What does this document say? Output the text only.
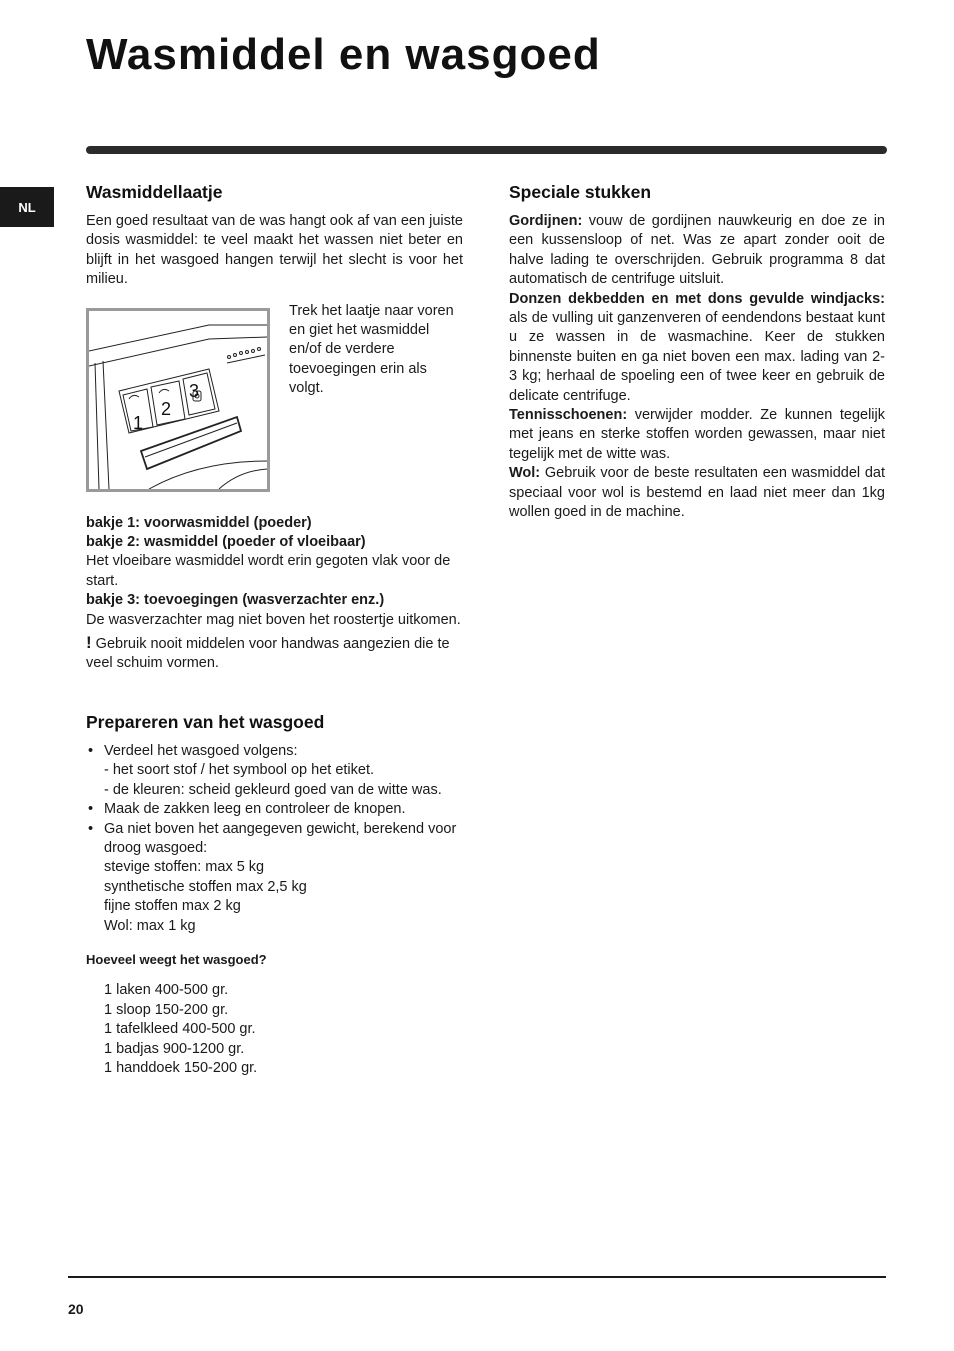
Wasmiddel en wasgoed
NL
Wasmiddellaatje

Een goed resultaat van de was hangt ook af van een juiste dosis wasmiddel: te veel maakt het wassen niet beter en blijft in het wasgoed hangen terwijl het slecht is voor het milieu.

1
2
3

Trek het laatje naar voren en giet het wasmiddel en/of de verdere toevoegingen erin als volgt.

bakje 1: voorwasmiddel (poeder)

bakje 2: wasmiddel (poeder of vloeibaar)

Het vloeibare wasmiddel wordt erin gegoten vlak voor de start.

bakje 3: toevoegingen (wasverzachter enz.)

De wasverzachter mag niet boven het roostertje uitkomen.

! Gebruik nooit middelen voor handwas aangezien die te veel schuim vormen.

Prepareren van het wasgoed
• Verdeel het wasgoed volgens:

- het soort stof / het symbool op het etiket.

- de kleuren: scheid gekleurd goed van de witte was.

• Maak de zakken leeg en controleer de knopen.
• Ga niet boven het aangegeven gewicht, berekend voor droog wasgoed:
stevige stoffen: max 5 kg
synthetische stoffen max 2,5 kg
fijne stoffen max 2 kg
Wol: max 1 kg

Hoeveel weegt het wasgoed?

1 laken 400-500 gr.
1 sloop 150-200 gr.
1 tafelkleed 400-500 gr.
1 badjas 900-1200 gr.
1 handdoek 150-200 gr.
Speciale stukken

Gordijnen: vouw de gordijnen nauwkeurig en doe ze in een kussensloop of net. Was ze apart zonder ooit de halve lading te overschrijden. Gebruik programma 8 dat automatisch de centrifuge uitsluit.

Donzen dekbedden en met dons gevulde windjacks: als de vulling uit ganzenveren of eendendons bestaat kunt u ze wassen in de wasmachine. Keer de stukken binnenste buiten en ga niet boven een max. lading van 2-3 kg; herhaal de spoeling een of twee keer en gebruik de delicate centrifuge.

Tennisschoenen: verwijder modder. Ze kunnen tegelijk met jeans en sterke stoffen worden gewassen, maar niet tegelijk met de witte was.

Wol: Gebruik voor de beste resultaten een wasmiddel dat speciaal voor wol is bestemd en laad niet meer dan 1kg wollen goed in de machine.

20
